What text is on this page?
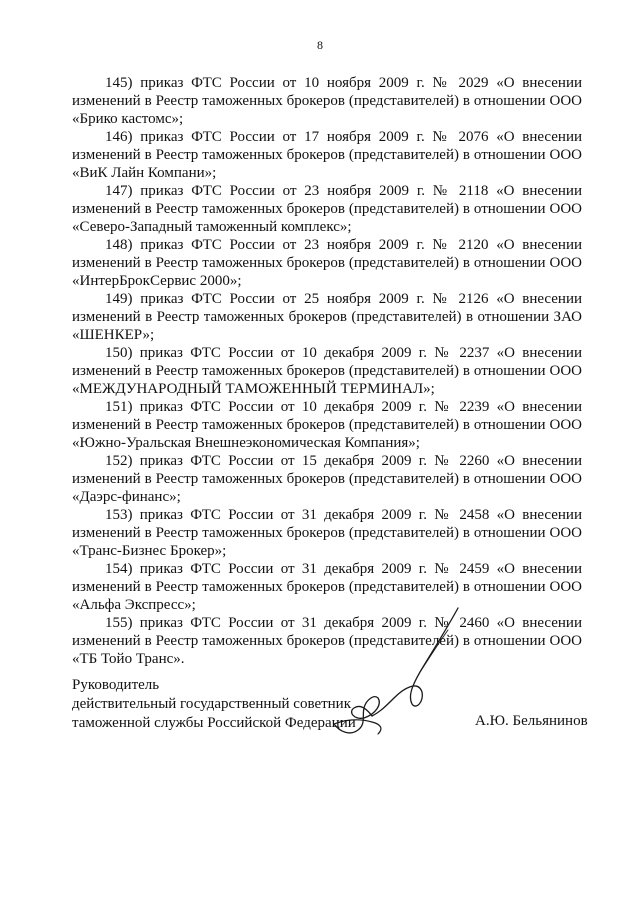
8

145) приказ ФТС России от 10 ноября 2009 г. № 2029 «О внесении изменений в Реестр таможенных брокеров (представителей) в отношении ООО «Брико кастомс»;

146) приказ ФТС России от 17 ноября 2009 г. № 2076 «О внесении изменений в Реестр таможенных брокеров (представителей) в отношении ООО «ВиК Лайн Компани»;

147) приказ ФТС России от 23 ноября 2009 г. № 2118 «О внесении изменений в Реестр таможенных брокеров (представителей) в отношении ООО «Северо-Западный таможенный комплекс»;

148) приказ ФТС России от 23 ноября 2009 г. № 2120 «О внесении изменений в Реестр таможенных брокеров (представителей) в отношении ООО «ИнтерБрокСервис 2000»;

149) приказ ФТС России от 25 ноября 2009 г. № 2126 «О внесении изменений в Реестр таможенных брокеров (представителей) в отношении ЗАО «ШЕНКЕР»;

150) приказ ФТС России от 10 декабря 2009 г. № 2237 «О внесении изменений в Реестр таможенных брокеров (представителей) в отношении ООО «МЕЖДУНАРОДНЫЙ ТАМОЖЕННЫЙ ТЕРМИНАЛ»;

151) приказ ФТС России от 10 декабря 2009 г. № 2239 «О внесении изменений в Реестр таможенных брокеров (представителей) в отношении ООО «Южно-Уральская Внешнеэкономическая Компания»;

152) приказ ФТС России от 15 декабря 2009 г. № 2260 «О внесении изменений в Реестр таможенных брокеров (представителей) в отношении ООО «Даэрс-финанс»;

153) приказ ФТС России от 31 декабря 2009 г. № 2458 «О внесении изменений в Реестр таможенных брокеров (представителей) в отношении ООО «Транс-Бизнес Брокер»;

154) приказ ФТС России от 31 декабря 2009 г. № 2459 «О внесении изменений в Реестр таможенных брокеров (представителей) в отношении ООО «Альфа Экспресс»;

155) приказ ФТС России от 31 декабря 2009 г. № 2460 «О внесении изменений в Реестр таможенных брокеров (представителей) в отношении ООО «ТБ Тойо Транс».

Руководитель
действительный государственный советник
таможенной службы Российской Федерации	А.Ю. Бельянинов
